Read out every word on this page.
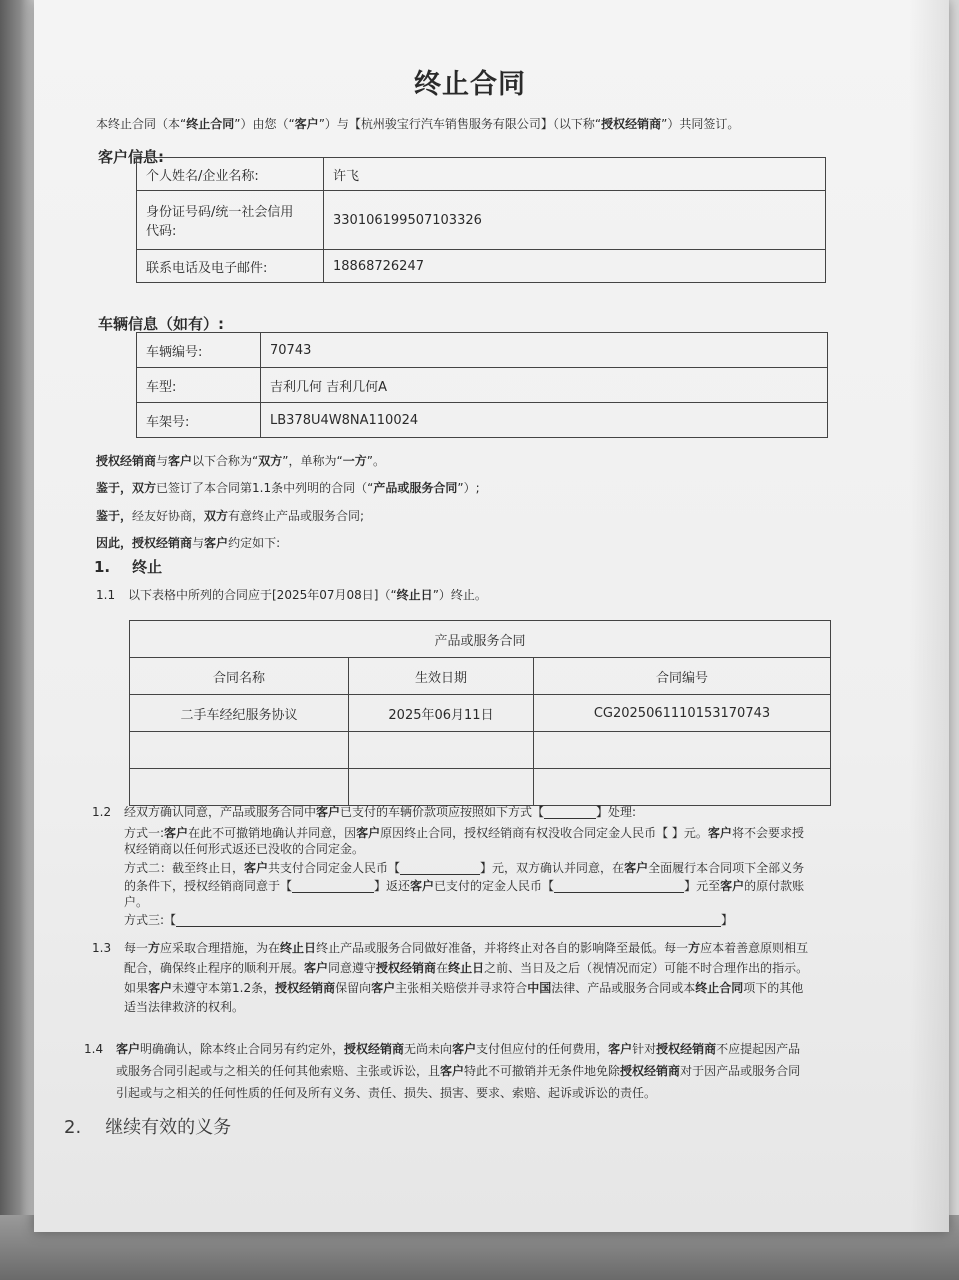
终止合同
本终止合同（本“终止合同”）由您（“客户”）与【杭州骏宝行汽车销售服务有限公司】（以下称“授权经销商”）共同签订。
客户信息:
个人姓名/企业名称:	许飞
身份证号码/统一社会信用
代码:	330106199507103326
联系电话及电子邮件:	18868726247
车辆信息（如有）:
车辆编号:	70743
车型:	吉利几何 吉利几何A
车架号:	LB378U4W8NA110024
授权经销商与客户以下合称为“双方”，单称为“一方”。
鉴于，双方已签订了本合同第1.1条中列明的合同（“产品或服务合同”）;
鉴于，经友好协商，双方有意终止产品或服务合同;
因此，授权经销商与客户约定如下:
1. 终止
1.1 以下表格中所列的合同应于[2025年07月08日]（“终止日”）终止。
产品或服务合同		
合同名称	生效日期	合同编号
二手车经纪服务协议	2025年06月11日	CG2025061110153170743

1.2 经双方确认同意，产品或服务合同中客户已支付的车辆价款项应按照如下方式【	】处理:
方式一:客户在此不可撤销地确认并同意，因客户原因终止合同，授权经销商有权没收合同定金人民币【 】元。客户将不会要求授
权经销商以任何形式返还已没收的合同定金。
方式二：截至终止日，客户共支付合同定金人民币【	】元，双方确认并同意，在客户全面履行本合同项下全部义务
的条件下，授权经销商同意于【	】返还客户已支付的定金人民币【	】元至客户的原付款账
户。
方式三:【	】
1.3 每一方应采取合理措施，为在终止日终止产品或服务合同做好准备，并将终止对各自的影响降至最低。每一方应本着善意原则相互
配合，确保终止程序的顺利开展。客户同意遵守授权经销商在终止日之前、当日及之后（视情况而定）可能不时合理作出的指示。
如果客户未遵守本第1.2条，授权经销商保留向客户主张相关赔偿并寻求符合中国法律、产品或服务合同或本终止合同项下的其他
适当法律救济的权利。
1.4 客户明确确认，除本终止合同另有约定外，授权经销商无尚未向客户支付但应付的任何费用，客户针对授权经销商不应提起因产品
或服务合同引起或与之相关的任何其他索赔、主张或诉讼，且客户特此不可撤销并无条件地免除授权经销商对于因产品或服务合同
引起或与之相关的任何性质的任何及所有义务、责任、损失、损害、要求、索赔、起诉或诉讼的责任。
2. 继续有效的义务
